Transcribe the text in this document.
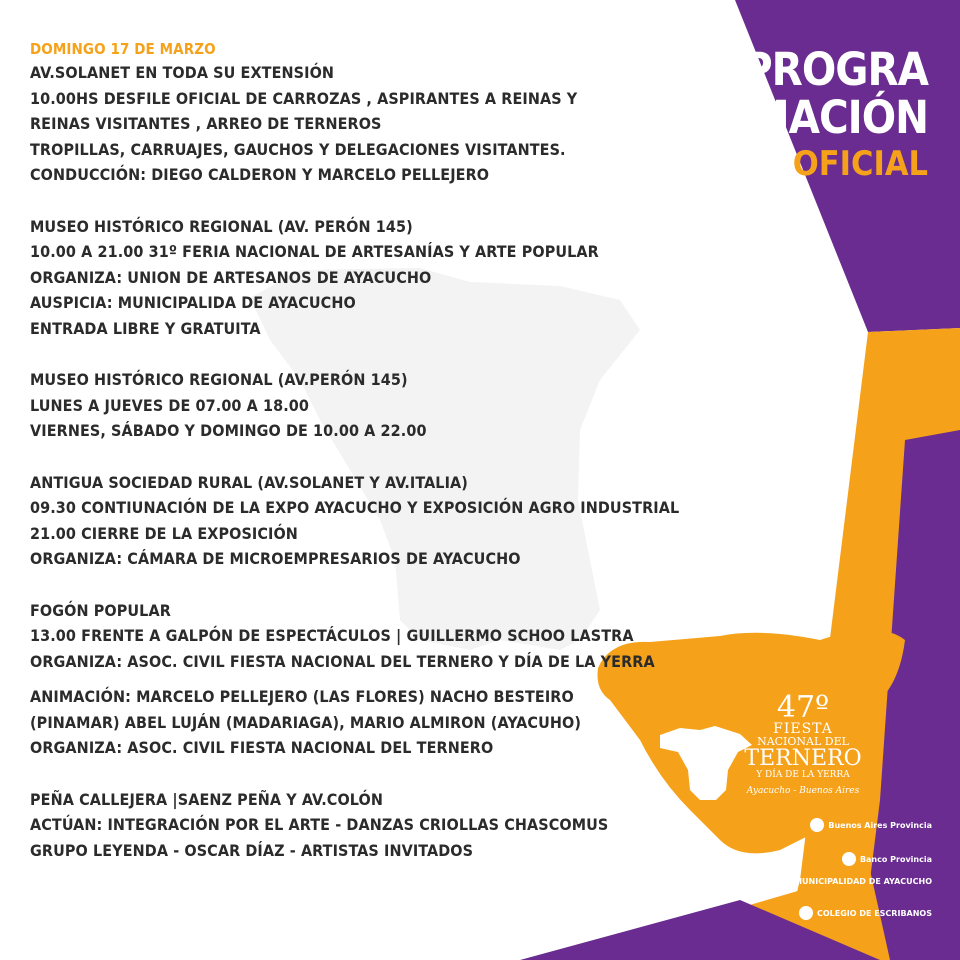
PROGRA
MACIÓN
OFICIAL
DOMINGO 17 DE MARZO
AV.SOLANET EN TODA SU EXTENSIÓN
10.00HS DESFILE OFICIAL DE CARROZAS , ASPIRANTES A REINAS Y
REINAS VISITANTES , ARREO DE TERNEROS
TROPILLAS, CARRUAJES, GAUCHOS Y DELEGACIONES VISITANTES.
CONDUCCIÓN: DIEGO CALDERON Y MARCELO PELLEJERO
MUSEO HISTÓRICO REGIONAL (AV. PERÓN 145)
10.00 A 21.00 31º FERIA NACIONAL DE ARTESANÍAS Y ARTE POPULAR
ORGANIZA: UNION DE ARTESANOS DE AYACUCHO
AUSPICIA: MUNICIPALIDA DE AYACUCHO
ENTRADA LIBRE Y GRATUITA
MUSEO HISTÓRICO REGIONAL (AV.PERÓN 145)
LUNES A JUEVES DE 07.00 A 18.00
VIERNES, SÁBADO Y DOMINGO DE 10.00 A 22.00
ANTIGUA SOCIEDAD RURAL (AV.SOLANET Y AV.ITALIA)
09.30 CONTIUNACIÓN DE LA EXPO AYACUCHO Y EXPOSICIÓN AGRO INDUSTRIAL
21.00 CIERRE DE LA EXPOSICIÓN
ORGANIZA: CÁMARA DE MICROEMPRESARIOS DE AYACUCHO
FOGÓN POPULAR
13.00 FRENTE A GALPÓN DE ESPECTÁCULOS | GUILLERMO SCHOO LASTRA
ORGANIZA: ASOC. CIVIL FIESTA NACIONAL DEL TERNERO Y DÍA DE LA YERRA
ANIMACIÓN: MARCELO PELLEJERO (LAS FLORES) NACHO BESTEIRO
(PINAMAR) ABEL LUJÁN (MADARIAGA), MARIO ALMIRON (AYACUHO)
ORGANIZA: ASOC. CIVIL FIESTA NACIONAL DEL TERNERO
PEÑA CALLEJERA |SAENZ PEÑA Y AV.COLÓN
ACTÚAN: INTEGRACIÓN POR EL ARTE - DANZAS CRIOLLAS CHASCOMUS
GRUPO LEYENDA - OSCAR DÍAZ - ARTISTAS INVITADOS
47º
FIESTA
NACIONAL DEL
TERNERO
Y DÍA DE LA YERRA
Ayacucho - Buenos Aires
Buenos Aires Provincia
Banco Provincia
MUNICIPALIDAD DE AYACUCHO
COLEGIO DE ESCRIBANOS
